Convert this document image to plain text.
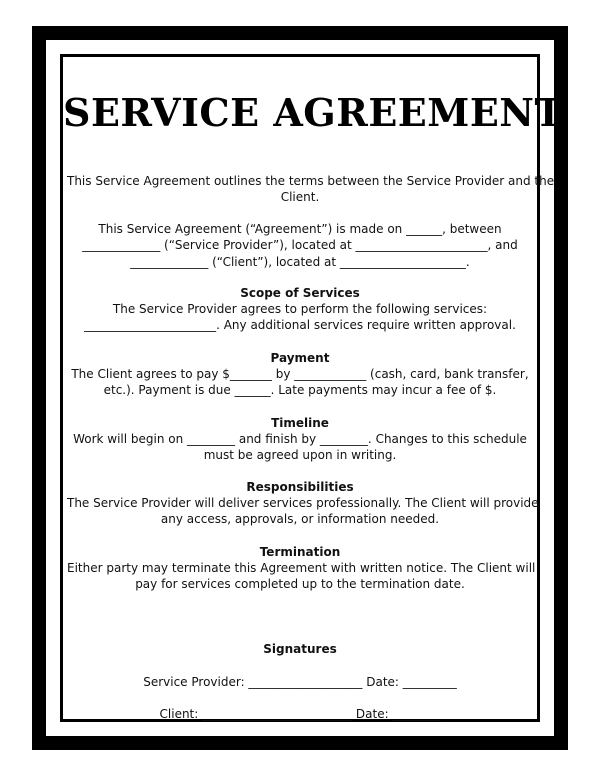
SERVICE AGREEMENT

This Service Agreement outlines the terms between the Service Provider and the
Client.

This Service Agreement (“Agreement”) is made on ______, between
_____________ (“Service Provider”), located at ______________________, and
_____________ (“Client”), located at _____________________.

Scope of Services

The Service Provider agrees to perform the following services:
______________________. Any additional services require written approval.

Payment

The Client agrees to pay $_______ by ____________ (cash, card, bank transfer,
etc.). Payment is due ______. Late payments may incur a fee of $.

Timeline

Work will begin on ________ and finish by ________. Changes to this schedule
must be agreed upon in writing.

Responsibilities

The Service Provider will deliver services professionally. The Client will provide
any access, approvals, or information needed.

Termination

Either party may terminate this Agreement with written notice. The Client will
pay for services completed up to the termination date.

Signatures

Service Provider: ___________________ Date: _________

Client: _________________________ Date: ________
